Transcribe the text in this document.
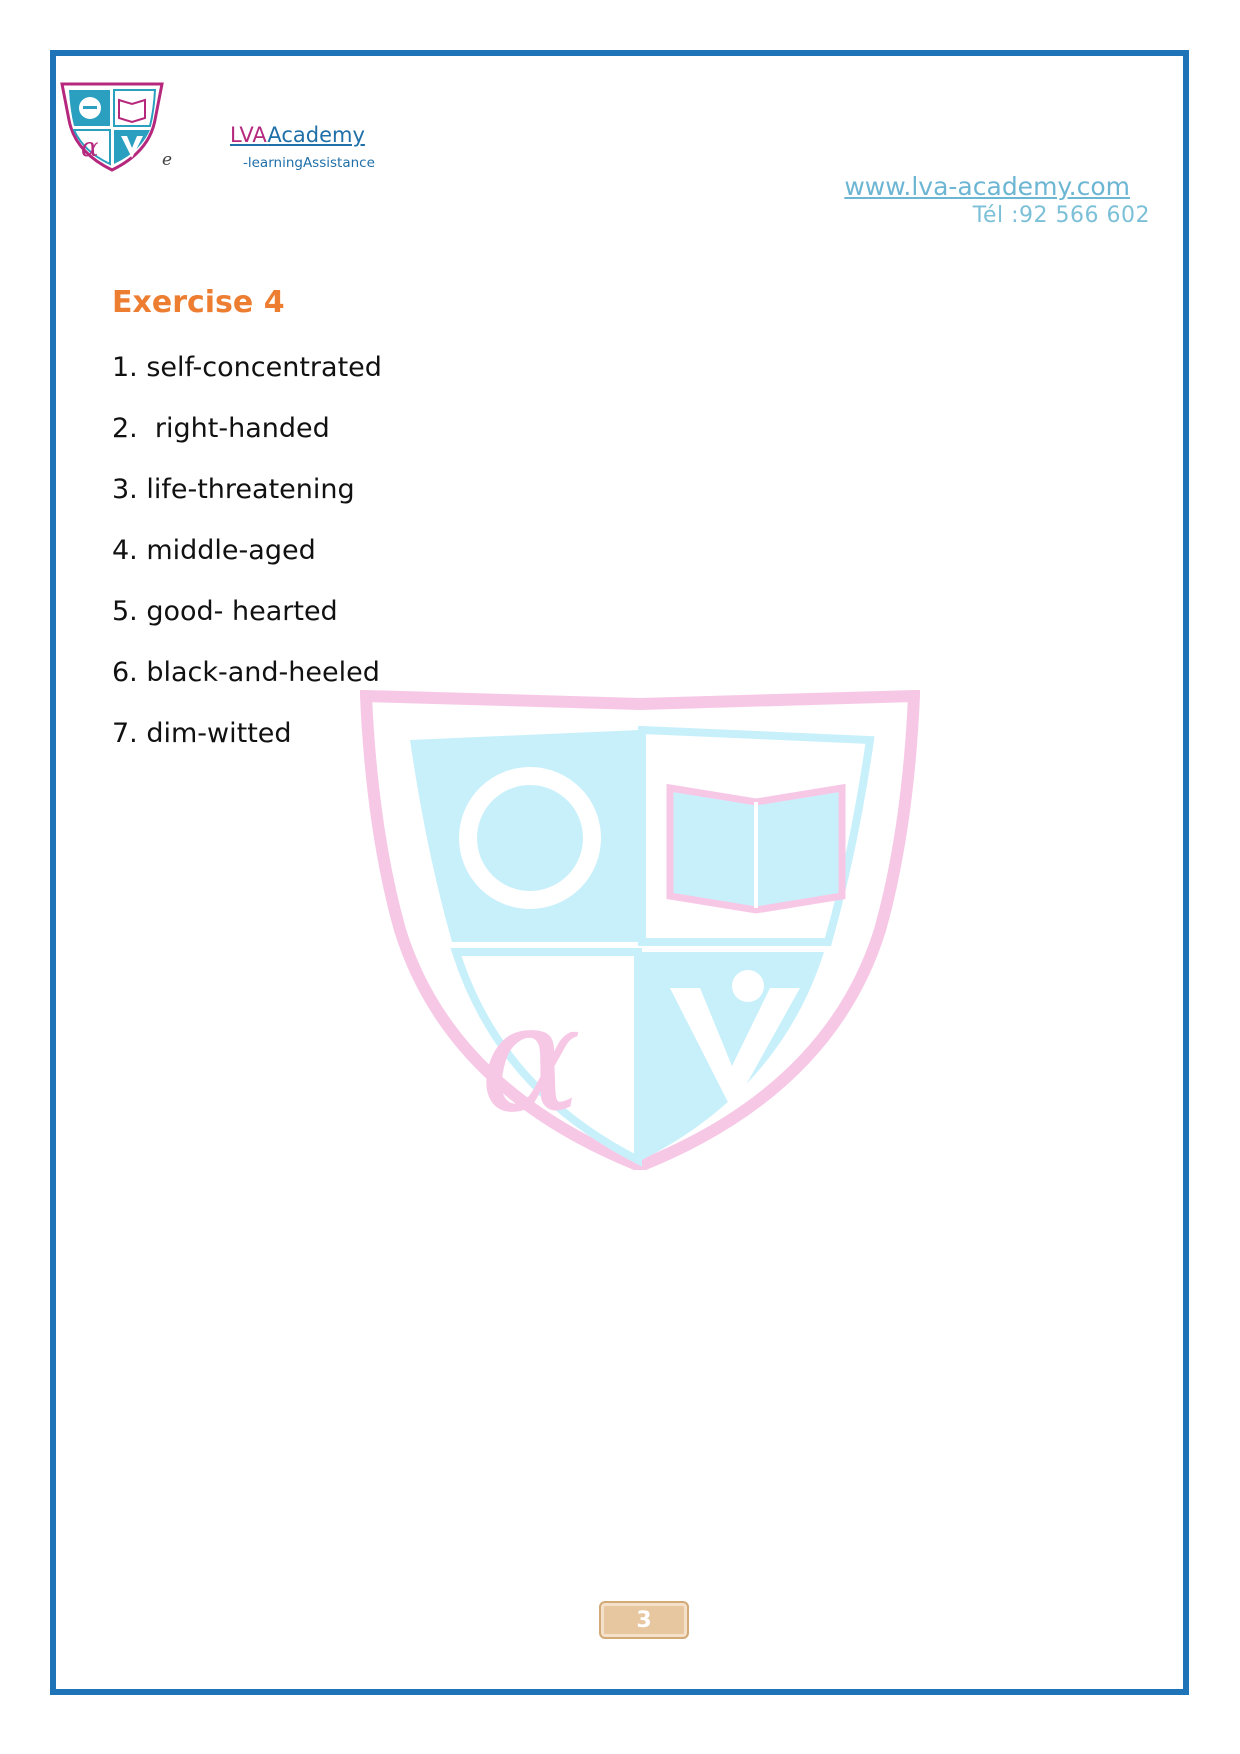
α	e
LVAAcademy
-learningAssistance
www.lva-academy.com
Tél :92 566 602
α
Exercise 4
1. self-concentrated
2.  right-handed
3. life-threatening
4. middle-aged
5. good- hearted
6. black-and-heeled
7. dim-witted
3
